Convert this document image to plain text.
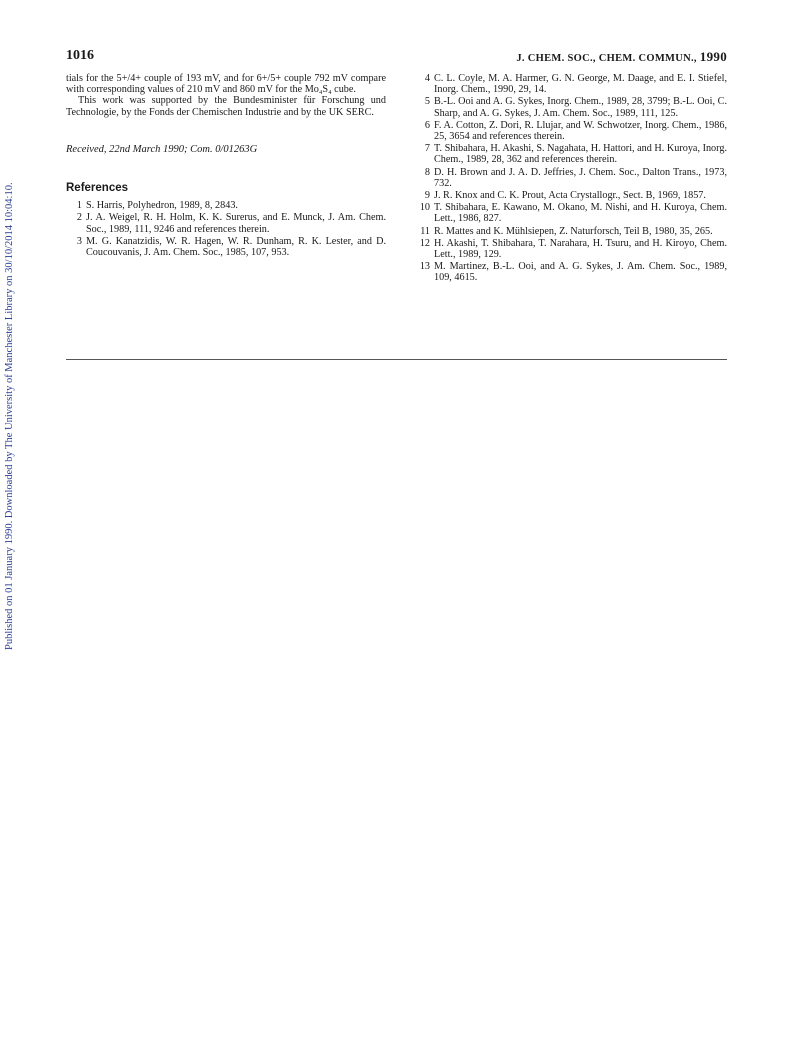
Published on 01 January 1990. Downloaded by The University of Manchester Library on 30/10/2014 10:04:10.
1016	J. CHEM. SOC., CHEM. COMMUN., 1990

tials for the 5+/4+ couple of 193 mV, and for 6+/5+ couple 792 mV compare with corresponding values of 210 mV and 860 mV for the Mo₄S₄ cube.

This work was supported by the Bundesminister für Forschung und Technologie, by the Fonds der Chemischen Industrie and by the UK SERC.

Received, 22nd March 1990; Com. 0/01263G

References
1 S. Harris, Polyhedron, 1989, 8, 2843.
2 J. A. Weigel, R. H. Holm, K. K. Surerus, and E. Munck, J. Am. Chem. Soc., 1989, 111, 9246 and references therein.
3 M. G. Kanatzidis, W. R. Hagen, W. R. Dunham, R. K. Lester, and D. Coucouvanis, J. Am. Chem. Soc., 1985, 107, 953.
4 C. L. Coyle, M. A. Harmer, G. N. George, M. Daage, and E. I. Stiefel, Inorg. Chem., 1990, 29, 14.
5 B.-L. Ooi and A. G. Sykes, Inorg. Chem., 1989, 28, 3799; B.-L. Ooi, C. Sharp, and A. G. Sykes, J. Am. Chem. Soc., 1989, 111, 125.
6 F. A. Cotton, Z. Dori, R. Llujar, and W. Schwotzer, Inorg. Chem., 1986, 25, 3654 and references therein.
7 T. Shibahara, H. Akashi, S. Nagahata, H. Hattori, and H. Kuroya, Inorg. Chem., 1989, 28, 362 and references therein.
8 D. H. Brown and J. A. D. Jeffries, J. Chem. Soc., Dalton Trans., 1973, 732.
9 J. R. Knox and C. K. Prout, Acta Crystallogr., Sect. B, 1969, 1857.
10 T. Shibahara, E. Kawano, M. Okano, M. Nishi, and H. Kuroya, Chem. Lett., 1986, 827.
11 R. Mattes and K. Mühlsiepen, Z. Naturforsch, Teil B, 1980, 35, 265.
12 H. Akashi, T. Shibahara, T. Narahara, H. Tsuru, and H. Kiroyo, Chem. Lett., 1989, 129.
13 M. Martinez, B.-L. Ooi, and A. G. Sykes, J. Am. Chem. Soc., 1989, 109, 4615.
